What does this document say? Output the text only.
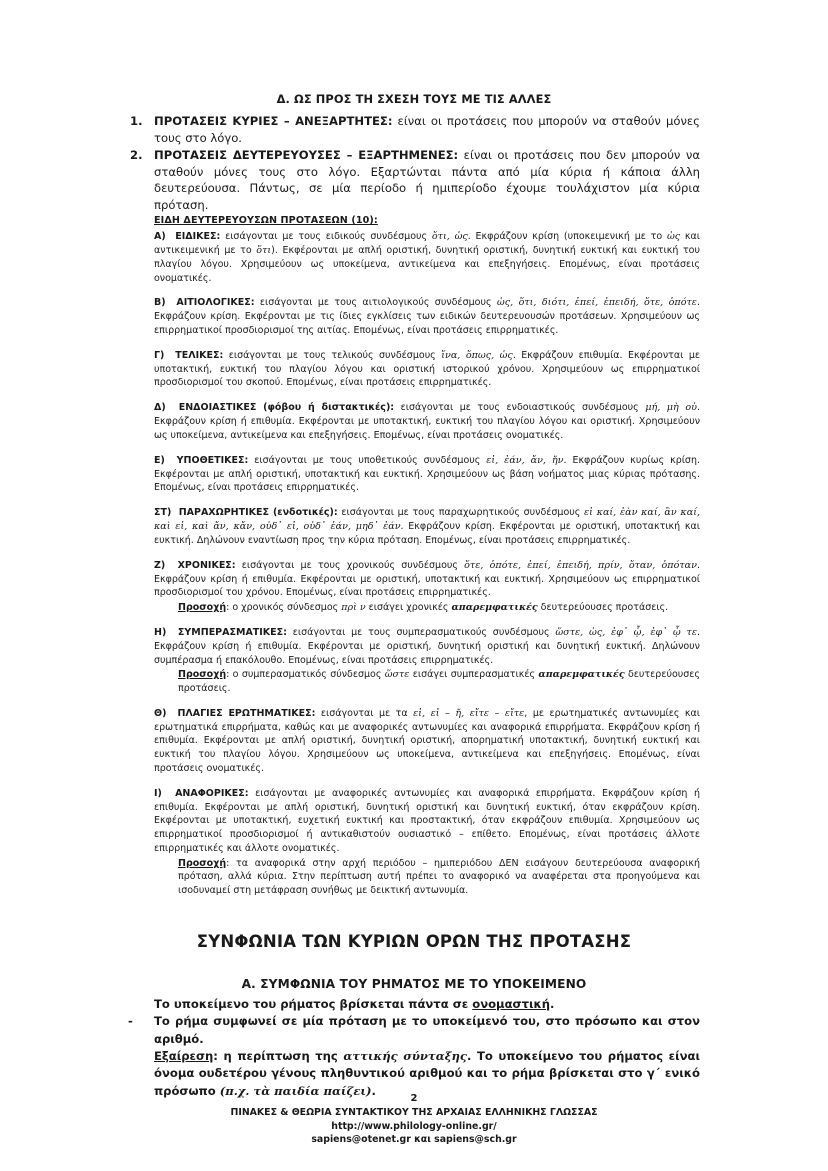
Δ. ΩΣ ΠΡΟΣ ΤΗ ΣΧΕΣΗ ΤΟΥΣ ΜΕ ΤΙΣ ΑΛΛΕΣ
ΠΡΟΤΑΣΕΙΣ ΚΥΡΙΕΣ – ΑΝΕΞΑΡΤΗΤΕΣ: είναι οι προτάσεις που μπορούν να σταθούν μόνες τους στο λόγο.
ΠΡΟΤΑΣΕΙΣ ΔΕΥΤΕΡΕΥΟΥΣΕΣ – ΕΞΑΡΤΗΜΕΝΕΣ: είναι οι προτάσεις που δεν μπορούν να σταθούν μόνες τους στο λόγο. Εξαρτώνται πάντα από μία κύρια ή κάποια άλλη δευτερεύουσα. Πάντως, σε μία περίοδο ή ημιπερίοδο έχουμε τουλάχιστον μία κύρια πρόταση.
ΕΙΔΗ ΔΕΥΤΕΡΕΥΟΥΣΩΝ ΠΡΟΤΑΣΕΩΝ (10):

Α) ΕΙΔΙΚΕΣ: εισάγονται με τους ειδικούς συνδέσμους ὅτι, ὡς. Εκφράζουν κρίση (υποκειμενική με το ὡς και αντικειμενική με το ὅτι). Εκφέρονται με απλή οριστική, δυνητική οριστική, δυνητική ευκτική και ευκτική του πλαγίου λόγου. Χρησιμεύουν ως υποκείμενα, αντικείμενα και επεξηγήσεις. Επομένως, είναι προτάσεις ονοματικές.

Β) ΑΙΤΙΟΛΟΓΙΚΕΣ: εισάγονται με τους αιτιολογικούς συνδέσμους ὡς, ὅτι, διότι, ἐπεί, ἐπειδή, ὅτε, ὁπότε. Εκφράζουν κρίση. Εκφέρονται με τις ίδιες εγκλίσεις των ειδικών δευτερευουσών προτάσεων. Χρησιμεύουν ως επιρρηματικοί προσδιορισμοί της αιτίας. Επομένως, είναι προτάσεις επιρρηματικές.

Γ) ΤΕΛΙΚΕΣ: εισάγονται με τους τελικούς συνδέσμους ἵνα, ὅπως, ὡς. Εκφράζουν επιθυμία. Εκφέρονται με υποτακτική, ευκτική του πλαγίου λόγου και οριστική ιστορικού χρόνου. Χρησιμεύουν ως επιρρηματικοί προσδιορισμοί του σκοπού. Επομένως, είναι προτάσεις επιρρηματικές.

Δ) ΕΝΔΟΙΑΣΤΙΚΕΣ (φόβου ή διστακτικές): εισάγονται με τους ενδοιαστικούς συνδέσμους μή, μὴ οὐ. Εκφράζουν κρίση ή επιθυμία. Εκφέρονται με υποτακτική, ευκτική του πλαγίου λόγου και οριστική. Χρησιμεύουν ως υποκείμενα, αντικείμενα και επεξηγήσεις. Επομένως, είναι προτάσεις ονοματικές.

Ε) ΥΠΟΘΕΤΙΚΕΣ: εισάγονται με τους υποθετικούς συνδέσμους εἰ, ἐάν, ἄν, ἤν. Εκφράζουν κυρίως κρίση. Εκφέρονται με απλή οριστική, υποτακτική και ευκτική. Χρησιμεύουν ως βάση νοήματος μιας κύριας πρότασης. Επομένως, είναι προτάσεις επιρρηματικές.

ΣΤ) ΠΑΡΑΧΩΡΗΤΙΚΕΣ (ενδοτικές): εισάγονται με τους παραχωρητικούς συνδέσμους εἰ καί, ἐὰν καί, ἂν καί, καὶ εἰ, καὶ ἄν, κἄν, οὐδ᾽ εἰ, οὐδ᾽ ἐάν, μηδ᾽ ἐάν. Εκφράζουν κρίση. Εκφέρονται με οριστική, υποτακτική και ευκτική. Δηλώνουν εναντίωση προς την κύρια πρόταση. Επομένως, είναι προτάσεις επιρρηματικές.

Ζ) ΧΡΟΝΙΚΕΣ: εισάγονται με τους χρονικούς συνδέσμους ὅτε, ὁπότε, ἐπεί, ἐπειδή, πρίν, ὅταν, ὁπόταν. Εκφράζουν κρίση ή επιθυμία. Εκφέρονται με οριστική, υποτακτική και ευκτική. Χρησιμεύουν ως επιρρηματικοί προσδιορισμοί του χρόνου. Επομένως, είναι προτάσεις επιρρηματικές.

Προσοχή: ο χρονικός σύνδεσμος πρὶ ν εισάγει χρονικές απαρεμφατικές δευτερεύουσες προτάσεις.

Η) ΣΥΜΠΕΡΑΣΜΑΤΙΚΕΣ: εισάγονται με τους συμπερασματικούς συνδέσμους ὥστε, ὡς, ἐφ᾽ ᾧ, ἐφ᾽ ᾧ τε. Εκφράζουν κρίση ή επιθυμία. Εκφέρονται με οριστική, δυνητική οριστική και δυνητική ευκτική. Δηλώνουν συμπέρασμα ή επακόλουθο. Επομένως, είναι προτάσεις επιρρηματικές.

Προσοχή: ο συμπερασματικός σύνδεσμος ὥστε εισάγει συμπερασματικές απαρεμφατικές δευτερεύουσες προτάσεις.

Θ) ΠΛΑΓΙΕΣ ΕΡΩΤΗΜΑΤΙΚΕΣ: εισάγονται με τα εἰ, εἰ – ἤ, εἴτε – εἴτε, με ερωτηματικές αντωνυμίες και ερωτηματικά επιρρήματα, καθώς και με αναφορικές αντωνυμίες και αναφορικά επιρρήματα. Εκφράζουν κρίση ή επιθυμία. Εκφέρονται με απλή οριστική, δυνητική οριστική, απορηματική υποτακτική, δυνητική ευκτική και ευκτική του πλαγίου λόγου. Χρησιμεύουν ως υποκείμενα, αντικείμενα και επεξηγήσεις. Επομένως, είναι προτάσεις ονοματικές.

Ι) ΑΝΑΦΟΡΙΚΕΣ: εισάγονται με αναφορικές αντωνυμίες και αναφορικά επιρρήματα. Εκφράζουν κρίση ή επιθυμία. Εκφέρονται με απλή οριστική, δυνητική οριστική και δυνητική ευκτική, όταν εκφράζουν κρίση. Εκφέρονται με υποτακτική, ευχετική ευκτική και προστακτική, όταν εκφράζουν επιθυμία. Χρησιμεύουν ως επιρρηματικοί προσδιορισμοί ή αντικαθιστούν ουσιαστικό – επίθετο. Επομένως, είναι προτάσεις άλλοτε επιρρηματικές και άλλοτε ονοματικές.

Προσοχή: τα αναφορικά στην αρχή περιόδου – ημιπεριόδου ΔΕΝ εισάγουν δευτερεύουσα αναφορική πρόταση, αλλά κύρια. Στην περίπτωση αυτή πρέπει το αναφορικό να αναφέρεται στα προηγούμενα και ισοδυναμεί στη μετάφραση συνήθως με δεικτική αντωνυμία.

ΣΥΝΦΩΝΙΑ ΤΩΝ ΚΥΡΙΩΝ ΟΡΩΝ ΤΗΣ ΠΡΟΤΑΣΗΣ
Α. ΣΥΜΦΩΝΙΑ ΤΟΥ ΡΗΜΑΤΟΣ ΜΕ ΤΟ ΥΠΟΚΕΙΜΕΝΟ

Το υποκείμενο του ρήματος βρίσκεται πάντα σε ονομαστική.

- Το ρήμα συμφωνεί σε μία πρόταση με το υποκείμενό του, στο πρόσωπο και στον αριθμό.

Εξαίρεση: η περίπτωση της αττικής σύνταξης. Το υποκείμενο του ρήματος είναι όνομα ουδετέρου γένους πληθυντικού αριθμού και το ρήμα βρίσκεται στο γ´ ενικό πρόσωπο (π.χ. τὰ παιδία παίζει).

2
ΠΙΝΑΚΕΣ & ΘΕΩΡΙΑ ΣΥΝΤΑΚΤΙΚΟΥ ΤΗΣ ΑΡΧΑΙΑΣ ΕΛΛΗΝΙΚΗΣ ΓΛΩΣΣΑΣ
http://www.philology-online.gr/
sapiens@otenet.gr και sapiens@sch.gr
